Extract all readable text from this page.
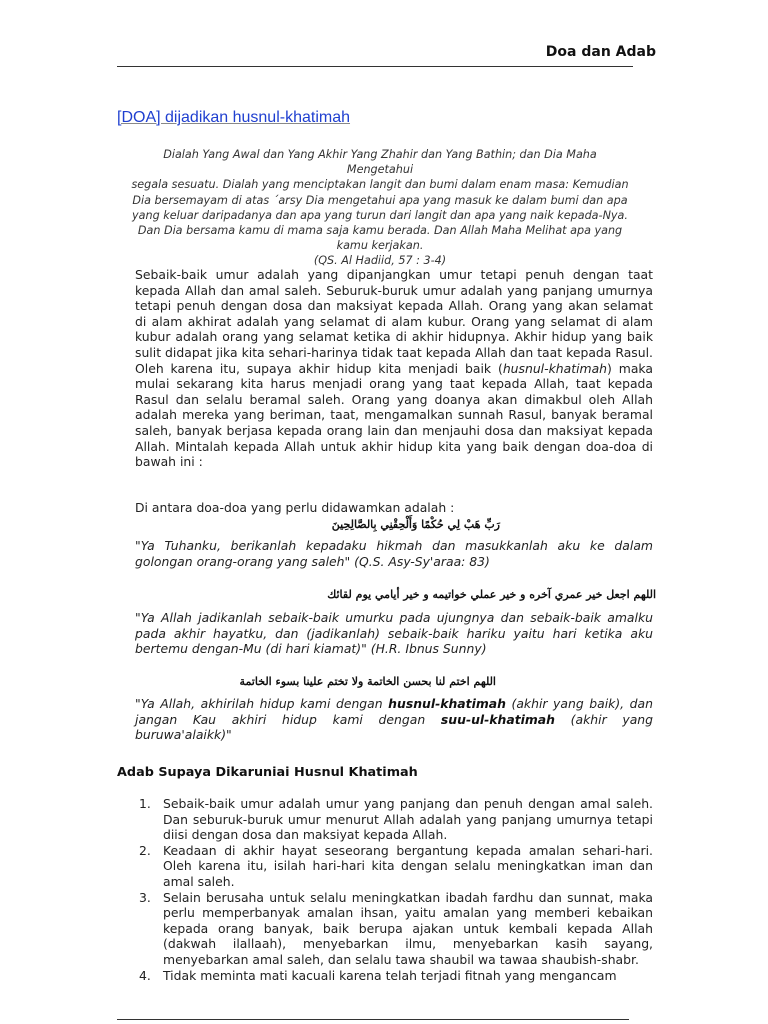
Doa dan Adab
[DOA] dijadikan husnul-khatimah

Dialah Yang Awal dan Yang Akhir Yang Zhahir dan Yang Bathin; dan Dia Maha Mengetahui

segala sesuatu. Dialah yang menciptakan langit dan bumi dalam enam masa: Kemudian

Dia bersemayam di atas ´arsy Dia mengetahui apa yang masuk ke dalam bumi dan apa

yang keluar daripadanya dan apa yang turun dari langit dan apa yang naik kepada-Nya.

Dan Dia bersama kamu di mama saja kamu berada. Dan Allah Maha Melihat apa yang

kamu kerjakan.

(QS. Al Hadiid, 57 : 3-4)

Sebaik-baik umur adalah yang dipanjangkan umur tetapi penuh dengan taat kepada Allah dan amal saleh. Seburuk-buruk umur adalah yang panjang umurnya tetapi penuh dengan dosa dan maksiyat kepada Allah. Orang yang akan selamat di alam akhirat adalah yang selamat di alam kubur. Orang yang selamat di alam kubur adalah orang yang selamat ketika di akhir hidupnya. Akhir hidup yang baik sulit didapat jika kita sehari-harinya tidak taat kepada Allah dan taat kepada Rasul. Oleh karena itu, supaya akhir hidup kita menjadi baik (husnul-khatimah) maka mulai sekarang kita harus menjadi orang yang taat kepada Allah, taat kepada Rasul dan selalu beramal saleh. Orang yang doanya akan dimakbul oleh Allah adalah mereka yang beriman, taat, mengamalkan sunnah Rasul, banyak beramal saleh, banyak berjasa kepada orang lain dan menjauhi dosa dan maksiyat kepada Allah. Mintalah kepada Allah untuk akhir hidup kita yang baik dengan doa-doa di bawah ini :
Di antara doa-doa yang perlu didawamkan adalah :
رَبِّ هَبْ لِي حُكْمًا وَأَلْحِقْنِي بِالصَّالِحِينَ
"Ya Tuhanku, berikanlah kepadaku hikmah dan masukkanlah aku ke dalam golongan orang-orang yang saleh" (Q.S. Asy-Sy'araa: 83)
اللهم اجعل خير عمري آخره و خير عملي خواتيمه و خير أيامي يوم لقائك
"Ya Allah jadikanlah sebaik-baik umurku pada ujungnya dan sebaik-baik amalku pada akhir hayatku, dan (jadikanlah) sebaik-baik hariku yaitu hari ketika aku bertemu dengan-Mu (di hari kiamat)" (H.R. Ibnus Sunny)
اللهم اختم لنا بحسن الخاتمة ولا تختم علينا بسوء الخاتمة
"Ya Allah, akhirilah hidup kami dengan husnul-khatimah (akhir yang baik), dan jangan Kau akhiri hidup kami dengan suu-ul-khatimah (akhir yang buruwa'alaikk)"
Adab Supaya Dikaruniai Husnul Khatimah
1. Sebaik-baik umur adalah umur yang panjang dan penuh dengan amal saleh. Dan seburuk-buruk umur menurut Allah adalah yang panjang umurnya tetapi diisi dengan dosa dan maksiyat kepada Allah.
2. Keadaan di akhir hayat seseorang bergantung kepada amalan sehari-hari. Oleh karena itu, isilah hari-hari kita dengan selalu meningkatkan iman dan amal saleh.
3. Selain berusaha untuk selalu meningkatkan ibadah fardhu dan sunnat, maka perlu memperbanyak amalan ihsan, yaitu amalan yang memberi kebaikan kepada orang banyak, baik berupa ajakan untuk kembali kepada Allah (dakwah ilallaah), menyebarkan ilmu, menyebarkan kasih sayang, menyebarkan amal saleh, dan selalu tawa shaubil wa tawaa shaubish-shabr.
4. Tidak meminta mati kacuali karena telah terjadi fitnah yang mengancam
